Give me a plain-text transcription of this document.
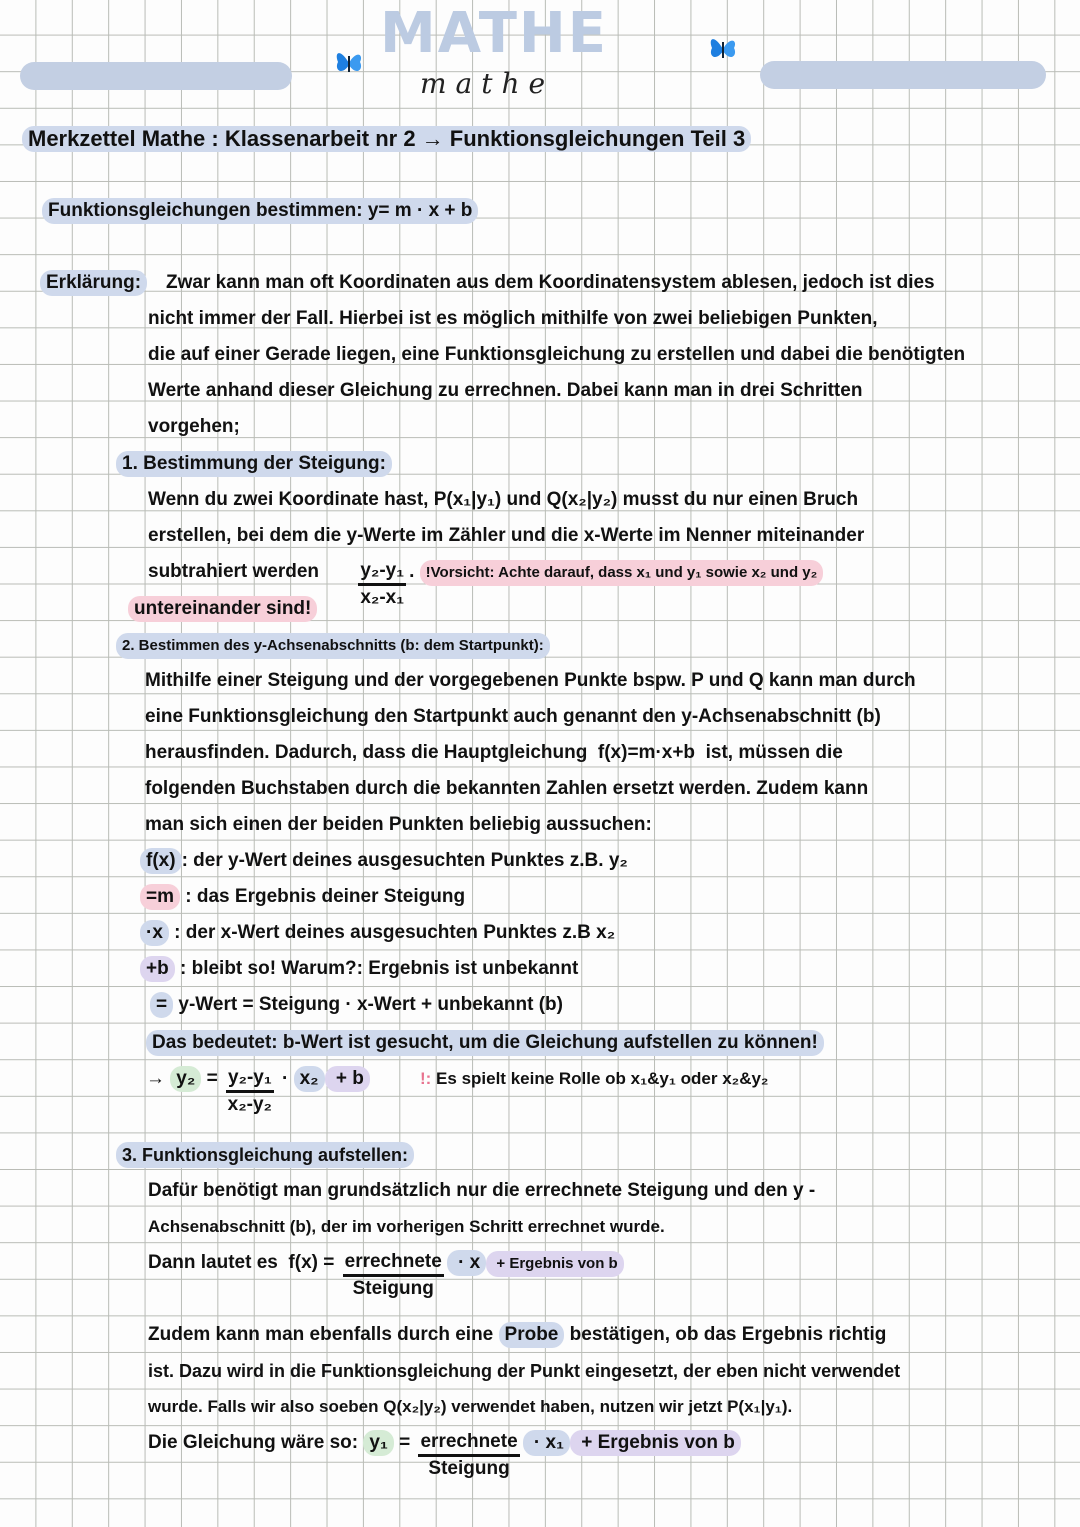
MATHE
mathe
Merkzettel Mathe : Klassenarbeit nr 2 → Funktionsgleichungen Teil 3
Funktionsgleichungen bestimmen: y= m · x + b
Erklärung:	Zwar kann man oft Koordinaten aus dem Koordinatensystem ablesen, jedoch ist dies
nicht immer der Fall. Hierbei ist es möglich mithilfe von zwei beliebigen Punkten,
die auf einer Gerade liegen, eine Funktionsgleichung zu erstellen und dabei die benötigten
Werte anhand dieser Gleichung zu errechnen. Dabei kann man in drei Schritten
vorgehen;
1. Bestimmung der Steigung:
Wenn du zwei Koordinate hast, P(x₁|y₁) und Q(x₂|y₂) musst du nur einen Bruch
erstellen, bei dem die y-Werte im Zähler und die x-Werte im Nenner miteinander
subtrahiert werden $\frac{\text{y₂-y₁}}{\text{x₂-x₁}}$ . !Vorsicht: Achte darauf, dass x₁ und y₁ sowie x₂ und y₂
untereinander sind!
2. Bestimmen des y-Achsenabschnitts (b: dem Startpunkt):
Mithilfe einer Steigung und der vorgegebenen Punkte bspw. P und Q kann man durch
eine Funktionsgleichung den Startpunkt auch genannt den y-Achsenabschnitt (b)
herausfinden. Dadurch, dass die Hauptgleichung  f(x)=m·x+b  ist, müssen die
folgenden Buchstaben durch die bekannten Zahlen ersetzt werden. Zudem kann
man sich einen der beiden Punkten beliebig aussuchen:
f(x) : der y-Wert deines ausgesuchten Punktes z.B. y₂
=m : das Ergebnis deiner Steigung
·x : der x-Wert deines ausgesuchten Punktes z.B x₂
+b : bleibt so! Warum?: Ergebnis ist unbekannt
= y-Wert = Steigung · x-Wert + unbekannt (b)
Das bedeutet: b-Wert ist gesucht, um die Gleichung aufstellen zu können!
→ $y_2 = \frac{\text{y₂-y₁}}{\text{x₂-y₂}} \cdot x_2 + b$	!: Es spielt keine Rolle ob x₁&y₁ oder x₂&y₂
3. Funktionsgleichung aufstellen:
Dafür benötigt man grundsätzlich nur die errechnete Steigung und den y -
Achsenabschnitt (b), der im vorherigen Schritt errechnet wurde.
Dann lautet es  $f(x) = \frac{\text{errechnete}}{\text{Steigung}} \cdot x$ + Ergebnis von b
Zudem kann man ebenfalls durch eine Probe bestätigen, ob das Ergebnis richtig
ist. Dazu wird in die Funktionsgleichung der Punkt eingesetzt, der eben nicht verwendet
wurde. Falls wir also soeben Q(x₂|y₂) verwendet haben, nutzen wir jetzt P(x₁|y₁).
Die Gleichung wäre so: $y_1 = \frac{\text{errechnete}}{\text{Steigung}} \cdot x_1$ + Ergebnis von b
